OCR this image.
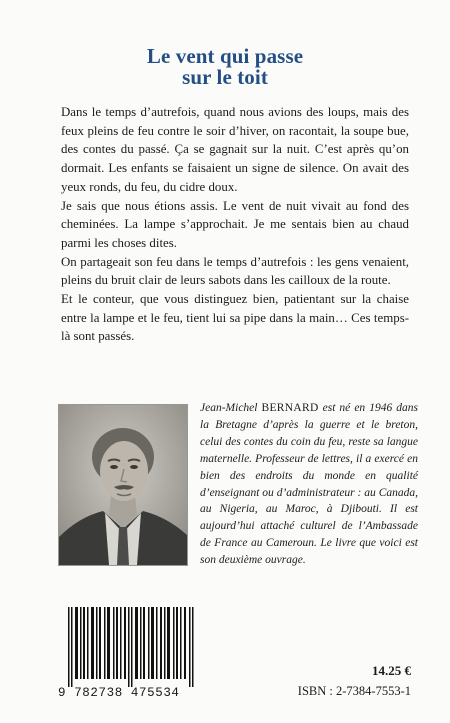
Le vent qui passe
sur le toit

Dans le temps d’autrefois, quand nous avions des loups, mais des feux pleins de feu contre le soir d’hiver, on racontait, la soupe bue, des contes du passé. Ça se gagnait sur la nuit. C’est après qu’on dormait. Les enfants se faisaient un signe de silence. On avait des yeux ronds, du feu, du cidre doux.

Je sais que nous étions assis. Le vent de nuit vivait au fond des cheminées. La lampe s’approchait. Je me sentais bien au chaud parmi les choses dites.

On partageait son feu dans le temps d’autrefois : les gens venaient, pleins du bruit clair de leurs sabots dans les cailloux de la route.

Et le conteur, que vous distinguez bien, patientant sur la chaise entre la lampe et le feu, tient lui sa pipe dans la main… Ces temps-là sont passés.

Jean-Michel BERNARD est né en 1946 dans la Bretagne d’après la guerre et le breton, celui des contes du coin du feu, reste sa langue maternelle. Professeur de lettres, il a exercé en bien des endroits du monde en qualité d’enseignant ou d’administrateur : au Canada, au Nigeria, au Maroc, à Djibouti. Il est aujourd’hui attaché culturel de l’Ambassade de France au Cameroun. Le livre que voici est son deuxième ouvrage.
9 782738 475534
14.25 €
ISBN : 2-7384-7553-1
